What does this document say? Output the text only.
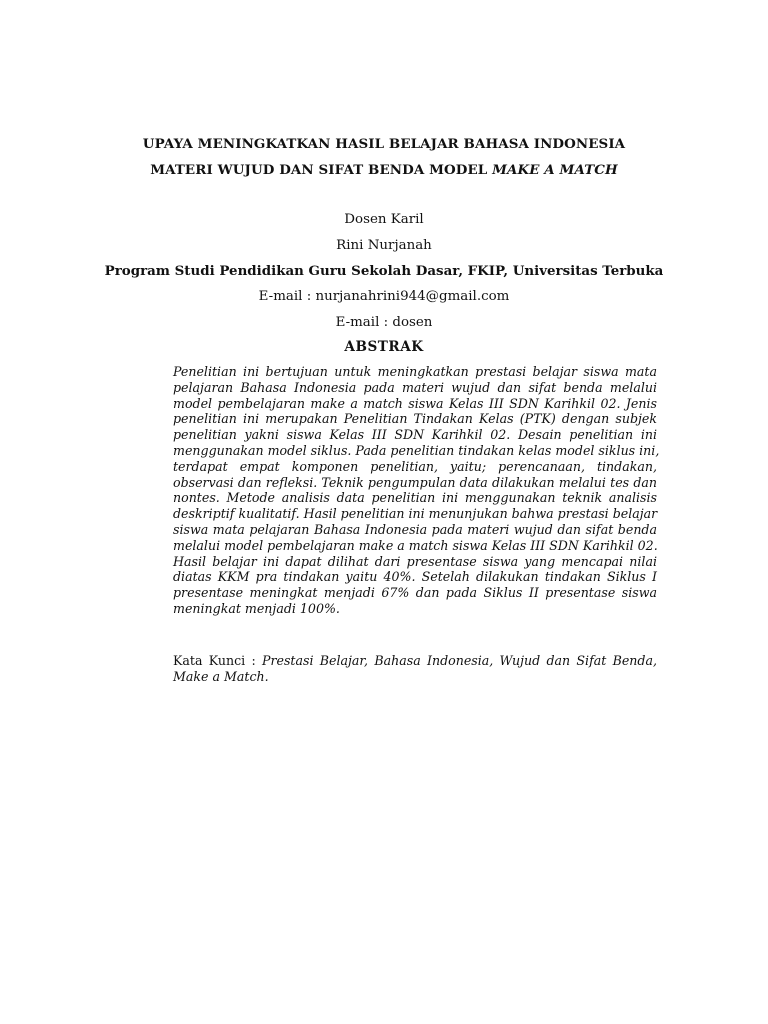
UPAYA MENINGKATKAN HASIL BELAJAR BAHASA INDONESIA
MATERI WUJUD DAN SIFAT BENDA MODEL MAKE A MATCH
Dosen Karil
Rini Nurjanah
Program Studi Pendidikan Guru Sekolah Dasar, FKIP, Universitas Terbuka
E-mail : nurjanahrini944@gmail.com
E-mail : dosen
ABSTRAK
Penelitian ini bertujuan untuk meningkatkan prestasi belajar siswa mata
pelajaran Bahasa Indonesia pada materi wujud dan sifat benda melalui
model pembelajaran make a match siswa Kelas III SDN Karihkil 02. Jenis
penelitian ini merupakan Penelitian Tindakan Kelas (PTK) dengan subjek
penelitian yakni siswa Kelas III SDN Karihkil 02. Desain penelitian ini
menggunakan model siklus. Pada penelitian tindakan kelas model siklus ini,
terdapat empat komponen penelitian, yaitu; perencanaan, tindakan,
observasi dan refleksi. Teknik pengumpulan data dilakukan melalui tes dan
nontes. Metode analisis data penelitian ini menggunakan teknik analisis
deskriptif kualitatif. Hasil penelitian ini menunjukan bahwa prestasi belajar
siswa mata pelajaran Bahasa Indonesia pada materi wujud dan sifat benda
melalui model pembelajaran make a match siswa Kelas III SDN Karihkil 02.
Hasil belajar ini dapat dilihat dari presentase siswa yang mencapai nilai
diatas KKM pra tindakan yaitu 40%. Setelah dilakukan tindakan Siklus I
presentase meningkat menjadi 67% dan pada Siklus II presentase siswa
meningkat menjadi 100%.
Kata Kunci : Prestasi Belajar, Bahasa Indonesia, Wujud dan Sifat Benda,
Make a Match.
